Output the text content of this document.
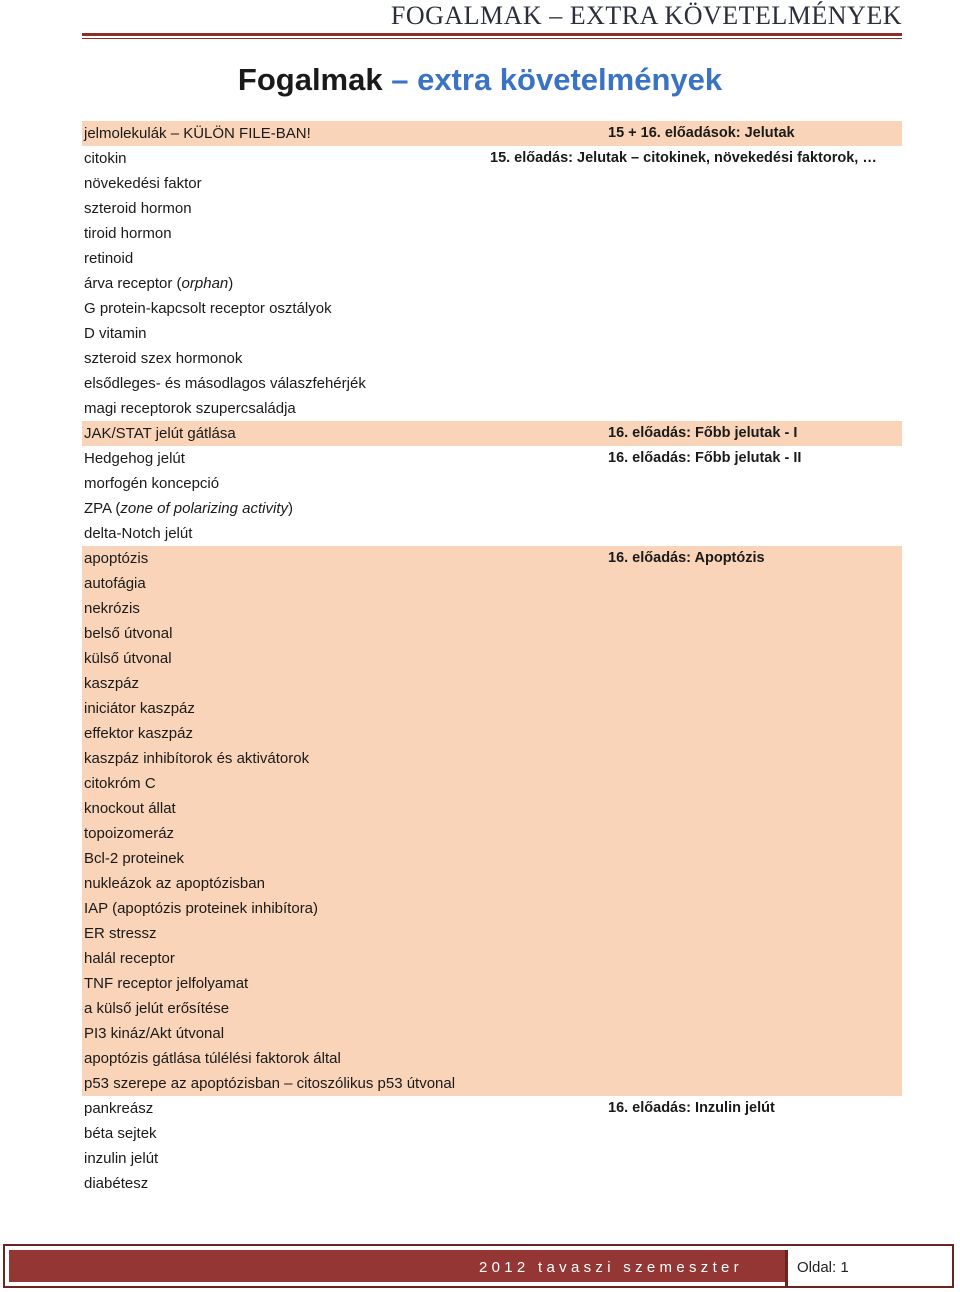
FOGALMAK – EXTRA KÖVETELMÉNYEK
Fogalmak – extra követelmények
jelmolekulák – KÜLÖN FILE-BAN!	15 + 16. előadások: Jelutak
citokin	15. előadás: Jelutak – citokinek, növekedési faktorok, …
növekedési faktor
szteroid hormon
tiroid hormon
retinoid
árva receptor (orphan)
G protein-kapcsolt receptor osztályok
D vitamin
szteroid szex hormonok
elsődleges- és másodlagos válaszfehérjék
magi receptorok szupercsaládja
JAK/STAT jelút gátlása	16. előadás: Főbb jelutak - I
Hedgehog jelút	16. előadás: Főbb jelutak - II
morfogén koncepció
ZPA (zone of polarizing activity)
delta-Notch jelút
apoptózis	16. előadás: Apoptózis
autofágia
nekrózis
belső útvonal
külső útvonal
kaszpáz
iniciátor kaszpáz
effektor kaszpáz
kaszpáz inhibítorok és aktivátorok
citokróm C
knockout állat
topoizomeráz
Bcl-2 proteinek
nukleázok az apoptózisban
IAP (apoptózis proteinek inhibítora)
ER stressz
halál receptor
TNF receptor jelfolyamat
a külső jelút erősítése
PI3 kináz/Akt útvonal
apoptózis gátlása túlélési faktorok által
p53 szerepe az apoptózisban – citoszólikus p53 útvonal
pankreász	16. előadás: Inzulin jelút
béta sejtek
inzulin jelút
diabétesz
2012 tavaszi szemeszter	Oldal: 1
